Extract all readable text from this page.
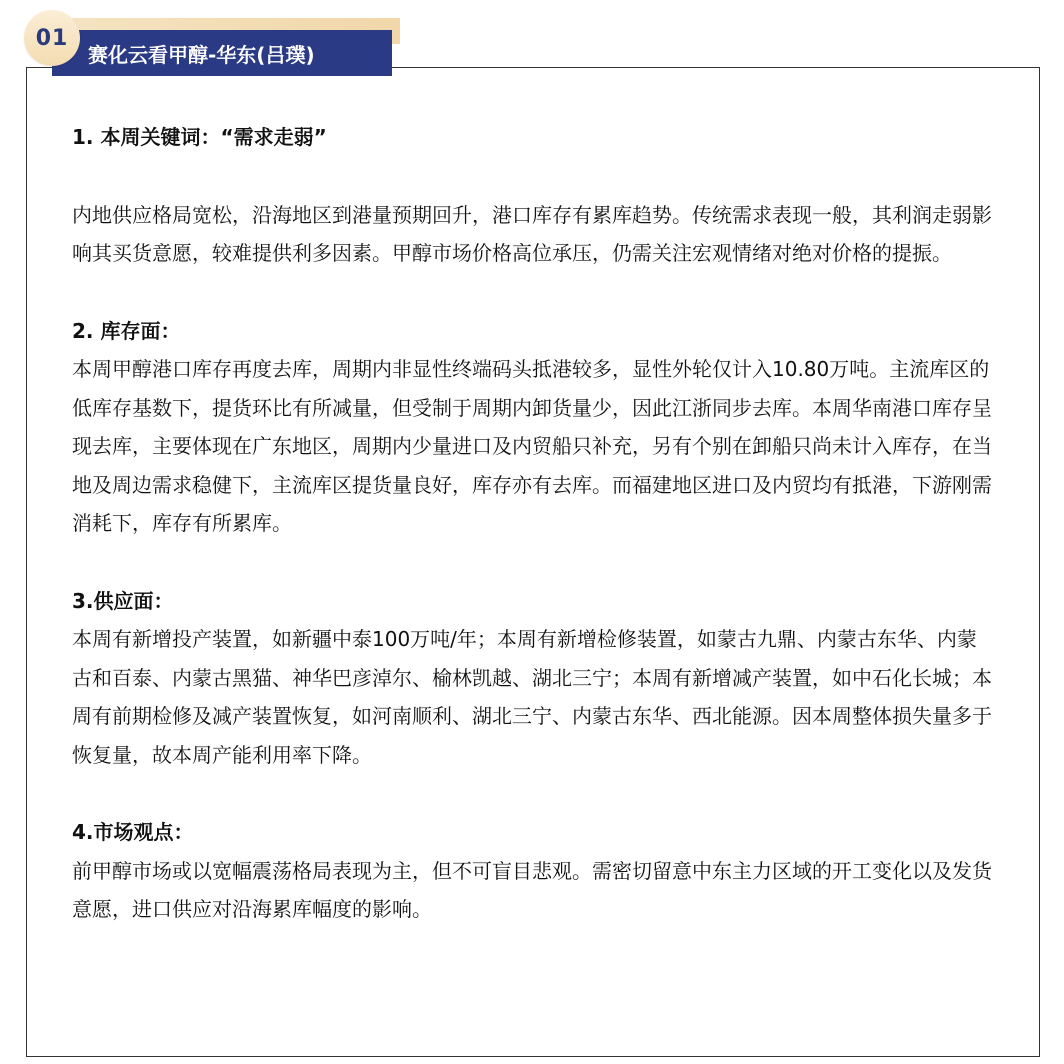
01
赛化云看甲醇-华东(吕璞)

1. 本周关键词：“需求走弱”

内地供应格局宽松，沿海地区到港量预期回升，港口库存有累库趋势。传统需求表现一般，其利润走弱影响其买货意愿，较难提供利多因素。甲醇市场价格高位承压，仍需关注宏观情绪对绝对价格的提振。

2. 库存面：

本周甲醇港口库存再度去库，周期内非显性终端码头抵港较多，显性外轮仅计入10.80万吨。主流库区的低库存基数下，提货环比有所减量，但受制于周期内卸货量少，因此江浙同步去库。本周华南港口库存呈现去库，主要体现在广东地区，周期内少量进口及内贸船只补充，另有个别在卸船只尚未计入库存，在当地及周边需求稳健下，主流库区提货量良好，库存亦有去库。而福建地区进口及内贸均有抵港，下游刚需消耗下，库存有所累库。

3.供应面：

本周有新增投产装置，如新疆中泰100万吨/年；本周有新增检修装置，如蒙古九鼎、内蒙古东华、内蒙古和百泰、内蒙古黑猫、神华巴彦淖尔、榆林凯越、湖北三宁；本周有新增减产装置，如中石化长城；本周有前期检修及减产装置恢复，如河南顺利、湖北三宁、内蒙古东华、西北能源。因本周整体损失量多于恢复量，故本周产能利用率下降。

4.市场观点：

前甲醇市场或以宽幅震荡格局表现为主，但不可盲目悲观。需密切留意中东主力区域的开工变化以及发货意愿，进口供应对沿海累库幅度的影响。
